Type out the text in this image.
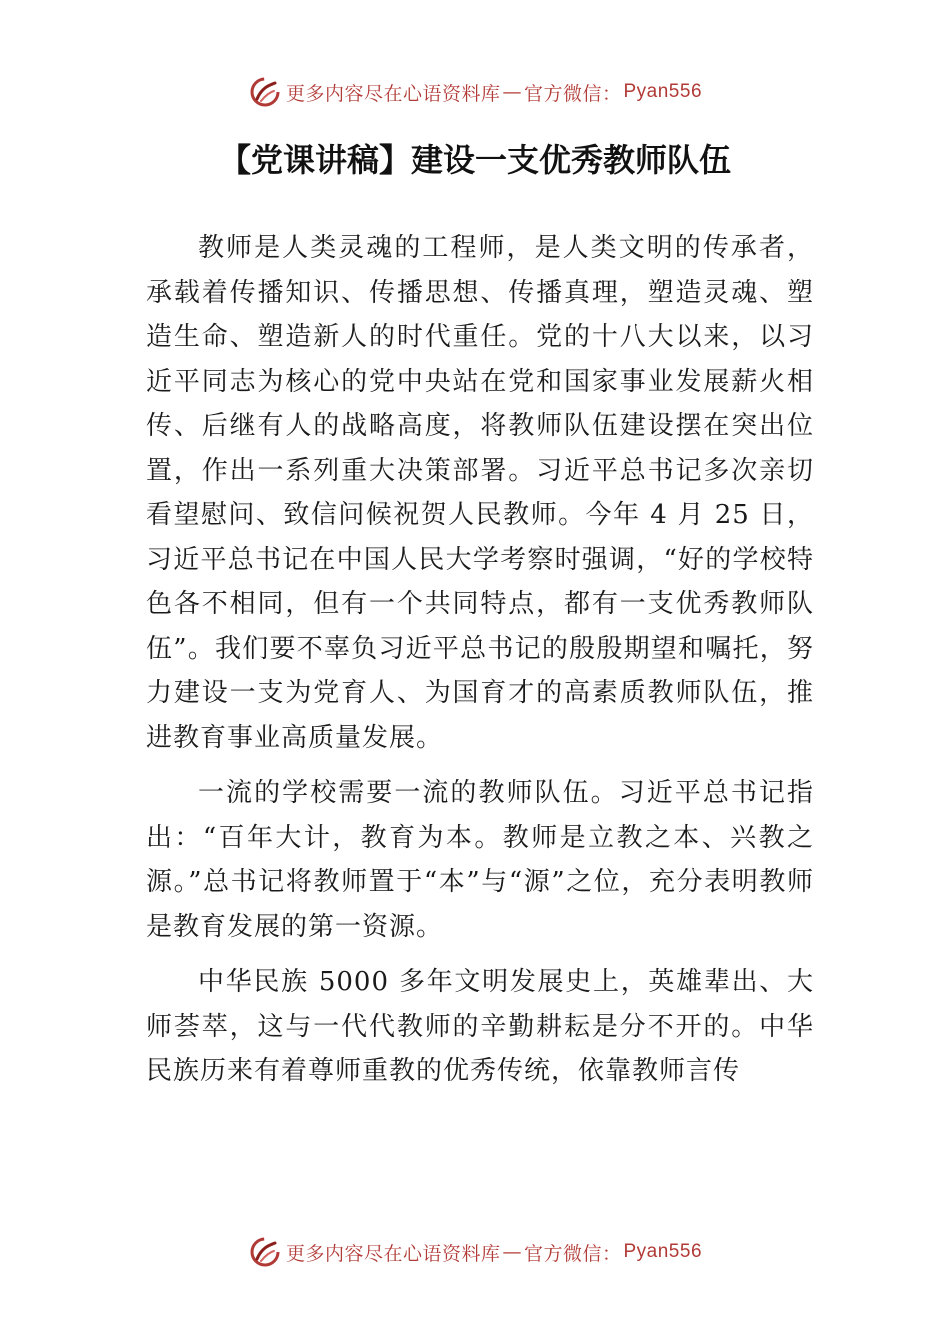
更多内容尽在心语资料库 — 官方微信： Pyan556
【党课讲稿】建设一支优秀教师队伍

教师是人类灵魂的工程师，是人类文明的传承者，承载着传播知识、传播思想、传播真理，塑造灵魂、塑造生命、塑造新人的时代重任。党的十八大以来，以习近平同志为核心的党中央站在党和国家事业发展薪火相传、后继有人的战略高度，将教师队伍建设摆在突出位置，作出一系列重大决策部署。习近平总书记多次亲切看望慰问、致信问候祝贺人民教师。今年 4 月 25 日，习近平总书记在中国人民大学考察时强调，“好的学校特色各不相同，但有一个共同特点，都有一支优秀教师队伍”。我们要不辜负习近平总书记的殷殷期望和嘱托，努力建设一支为党育人、为国育才的高素质教师队伍，推进教育事业高质量发展。

一流的学校需要一流的教师队伍。习近平总书记指出：“百年大计，教育为本。教师是立教之本、兴教之源。”总书记将教师置于“本”与“源”之位，充分表明教师是教育发展的第一资源。

中华民族 5000 多年文明发展史上，英雄辈出、大师荟萃，这与一代代教师的辛勤耕耘是分不开的。中华民族历来有着尊师重教的优秀传统，依靠教师言传

更多内容尽在心语资料库 — 官方微信： Pyan556
